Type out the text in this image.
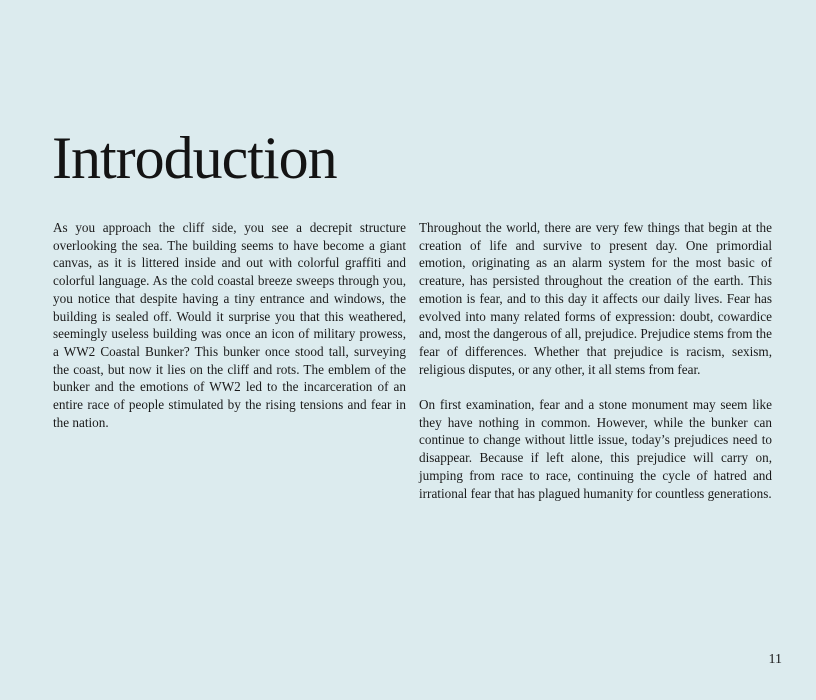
Introduction

As you approach the cliff side, you see a decrepit structure overlooking the sea. The building seems to have become a giant canvas, as it is littered inside and out with colorful graffiti and colorful language. As the cold coastal breeze sweeps through you, you notice that despite having a tiny entrance and windows, the building is sealed off. Would it surprise you that this weathered, seemingly useless building was once an icon of military prowess, a WW2 Coastal Bunker? This bunker once stood tall, surveying the coast, but now it lies on the cliff and rots. The emblem of the bunker and the emotions of WW2 led to the incarceration of an entire race of people stimulated by the rising tensions and fear in the nation.

Throughout the world, there are very few things that begin at the creation of life and survive to present day. One primordial emotion, originating as an alarm system for the most basic of creature, has persisted throughout the creation of the earth. This emotion is fear, and to this day it affects our daily lives. Fear has evolved into many related forms of expression: doubt, cowardice and, most the dangerous of all, prejudice. Prejudice stems from the fear of differences. Whether that prejudice is racism, sexism, religious disputes, or any other, it all stems from fear.

On first examination, fear and a stone monument may seem like they have nothing in common. However, while the bunker can continue to change without little issue, today’s prejudices need to disappear. Because if left alone, this prejudice will carry on, jumping from race to race, continuing the cycle of hatred and irrational fear that has plagued humanity for countless generations.

11
